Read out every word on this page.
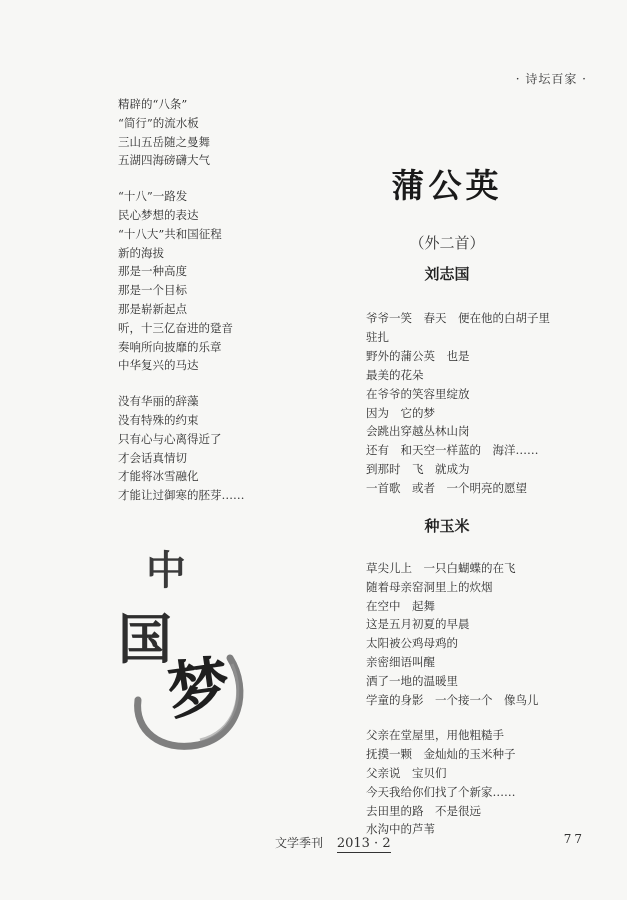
· 诗坛百家 ·
精辟的“八条”
“简行”的流水板
三山五岳随之曼舞
五湖四海磅礴大气
“十八”一路发
民心梦想的表达
“十八大”共和国征程
新的海拔
那是一种高度
那是一个目标
那是崭新起点
听，十三亿奋进的跫音
奏响所向披靡的乐章
中华复兴的马达
没有华丽的辞藻
没有特殊的约束
只有心与心离得近了
才会话真情切
才能将冰雪融化
才能让过御寒的胚芽……
中
国
梦
蒲公英
（外二首）
刘志国
爷爷一笑　春天　便在他的白胡子里
驻扎
野外的蒲公英　也是
最美的花朵
在爷爷的笑容里绽放
因为　它的梦
会跳出穿越丛林山岗
还有　和天空一样蓝的　海洋……
到那时　飞　就成为
一首歌　或者　一个明亮的愿望
种玉米
草尖儿上　一只白蝴蝶的在飞
随着母亲窑洞里上的炊烟
在空中　起舞
这是五月初夏的早晨
太阳被公鸡母鸡的
亲密细语叫醒
洒了一地的温暖里
学童的身影　一个接一个　像鸟儿
父亲在堂屋里，用他粗糙手
抚摸一颗　金灿灿的玉米种子
父亲说　宝贝们
今天我给你们找了个新家……
去田里的路　不是很远
水沟中的芦苇
文学季刊 2013 · 2	77
